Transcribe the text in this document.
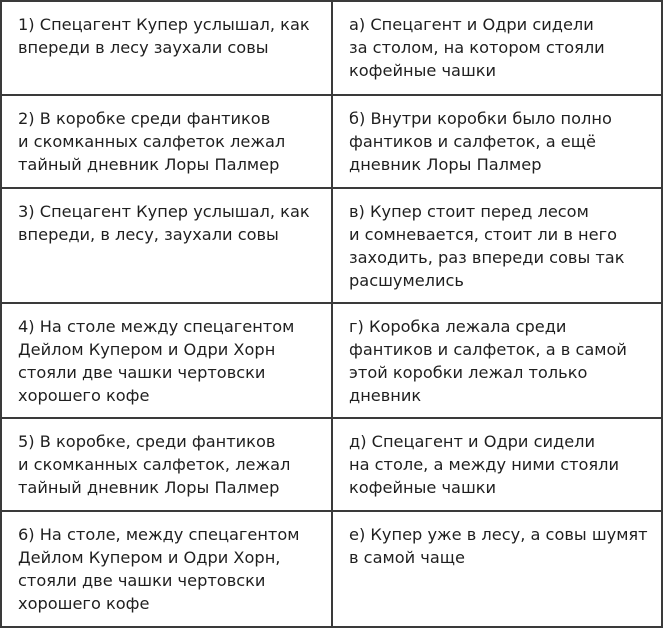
1) Спецагент Купер услышал, как
впереди в лесу заухали совы	а) Спецагент и Одри сидели
за столом, на котором стояли
кофейные чашки
2) В коробке среди фантиков
и скомканных салфеток лежал
тайный дневник Лоры Палмер	б) Внутри коробки было полно
фантиков и салфеток, а ещё
дневник Лоры Палмер
3) Спецагент Купер услышал, как
впереди, в лесу, заухали совы	в) Купер стоит перед лесом
и сомневается, стоит ли в него
заходить, раз впереди совы так
расшумелись
4) На столе между спецагентом
Дейлом Купером и Одри Хорн
стояли две чашки чертовски
хорошего кофе	г) Коробка лежала среди
фантиков и салфеток, а в самой
этой коробки лежал только
дневник
5) В коробке, среди фантиков
и скомканных салфеток, лежал
тайный дневник Лоры Палмер	д) Спецагент и Одри сидели
на столе, а между ними стояли
кофейные чашки
6) На столе, между спецагентом
Дейлом Купером и Одри Хорн,
стояли две чашки чертовски
хорошего кофе	е) Купер уже в лесу, а совы шумят
в самой чаще
